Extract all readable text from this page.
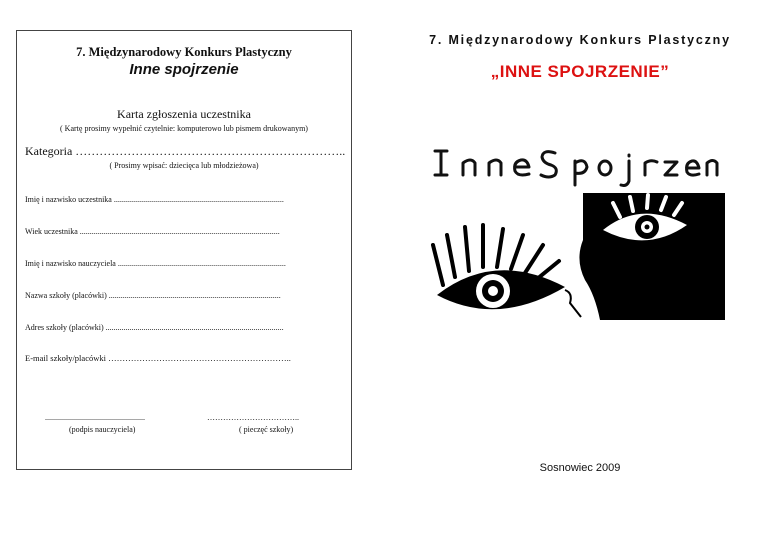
7. Międzynarodowy Konkurs Plastyczny
Inne spojrzenie
Karta zgłoszenia uczestnika
( Kartę prosimy wypełnić czytelnie: komputerowo lub pismem drukowanym)
Kategoria …………………………………………………………..
( Prosimy wpisać: dziecięca lub młodzieżowa)
Imię i nazwisko uczestnika .....................................................................................
Wiek uczestnika ....................................................................................................
Imię i nazwisko nauczyciela ....................................................................................
Nazwa szkoły (placówki) ......................................................................................
Adres szkoły (placówki) .........................................................................................
E-mail szkoły/placówki ………………………………………………………..
..................................................	……………………………..
(podpis nauczyciela)	( pieczęć szkoły)
7. Międzynarodowy Konkurs Plastyczny
„INNE SPOJRZENIE”
Sosnowiec 2009
